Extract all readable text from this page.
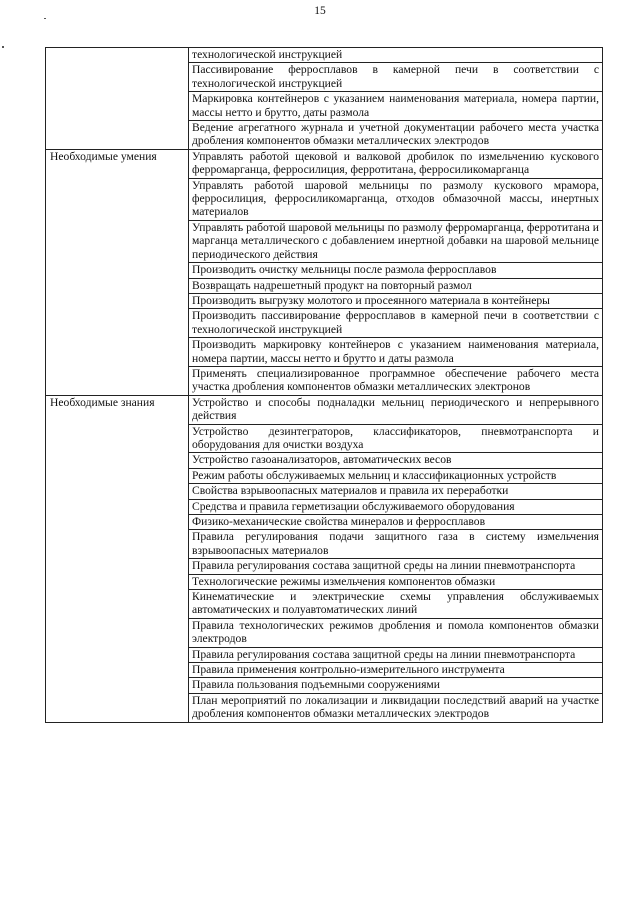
15
	технологической инструкцией
	Пассивирование ферросплавов в камерной печи в соответствии с технологической инструкцией
	Маркировка контейнеров с указанием наименования материала, номера партии, массы нетто и брутто, даты размола
	Ведение агрегатного журнала и учетной документации рабочего места участка дробления компонентов обмазки металлических электродов
Необходимые умения	Управлять работой щековой и валковой дробилок по измельчению кускового ферромарганца, ферросилиция, ферротитана, ферросиликомарганца
	Управлять работой шаровой мельницы по размолу кускового мрамора, ферросилиция, ферросиликомарганца, отходов обмазочной массы, инертных материалов
	Управлять работой шаровой мельницы по размолу ферромарганца, ферротитана и марганца металлического с добавлением инертной добавки на шаровой мельнице периодического действия
	Производить очистку мельницы после размола ферросплавов
	Возвращать надрешетный продукт на повторный размол
	Производить выгрузку молотого и просеянного материала в контейнеры
	Производить пассивирование ферросплавов в камерной печи в соответствии с технологической инструкцией
	Производить маркировку контейнеров с указанием наименования материала, номера партии, массы нетто и брутто и даты размола
	Применять специализированное программное обеспечение рабочего места участка дробления компонентов обмазки металлических электронов
Необходимые знания	Устройство и способы подналадки мельниц периодического и непрерывного действия
	Устройство дезинтеграторов, классификаторов, пневмотранспорта и оборудования для очистки воздуха
	Устройство газоанализаторов, автоматических весов
	Режим работы обслуживаемых мельниц и классификационных устройств
	Свойства взрывоопасных материалов и правила их переработки
	Средства и правила герметизации обслуживаемого оборудования
	Физико-механические свойства минералов и ферросплавов
	Правила регулирования подачи защитного газа в систему измельчения взрывоопасных материалов
	Правила регулирования состава защитной среды на линии пневмотранспорта
	Технологические режимы измельчения компонентов обмазки
	Кинематические и электрические схемы управления обслуживаемых автоматических и полуавтоматических линий
	Правила технологических режимов дробления и помола компонентов обмазки электродов
	Правила регулирования состава защитной среды на линии пневмотранспорта
	Правила применения контрольно-измерительного инструмента
	Правила пользования подъемными сооружениями
	План мероприятий по локализации и ликвидации последствий аварий на участке дробления компонентов обмазки металлических электродов
